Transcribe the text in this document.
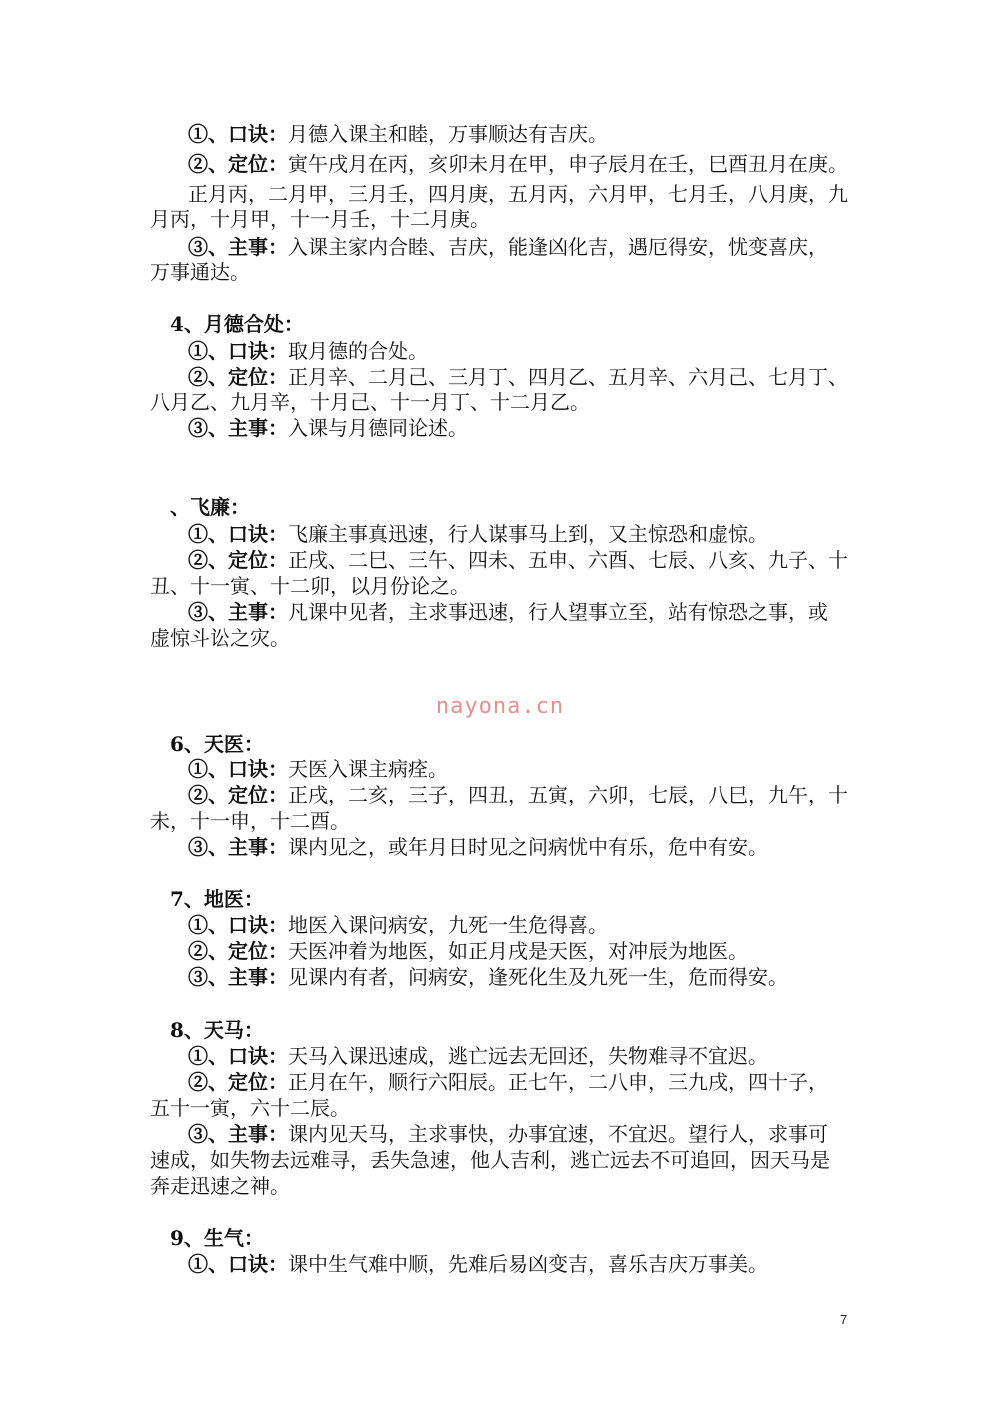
①、口诀：月德入课主和睦，万事顺达有吉庆。
②、定位：寅午戌月在丙，亥卯未月在甲，申子辰月在壬，巳酉丑月在庚。
正月丙，二月甲，三月壬，四月庚，五月丙，六月甲，七月壬，八月庚，九
月丙，十月甲，十一月壬，十二月庚。
③、主事：入课主家内合睦、吉庆，能逢凶化吉，遇厄得安，忧变喜庆，
万事通达。
4、月德合处：
①、口诀：取月德的合处。
②、定位：正月辛、二月己、三月丁、四月乙、五月辛、六月己、七月丁、
八月乙、九月辛，十月己、十一月丁、十二月乙。
③、主事：入课与月德同论述。
、飞廉：
①、口诀：飞廉主事真迅速，行人谋事马上到，又主惊恐和虚惊。
②、定位：正戌、二巳、三午、四未、五申、六酉、七辰、八亥、九子、十
丑、十一寅、十二卯，以月份论之。
③、主事：凡课中见者，主求事迅速，行人望事立至，站有惊恐之事，或
虚惊斗讼之灾。
nayona.cn
6、天医：
①、口诀：天医入课主病痊。
②、定位：正戌，二亥，三子，四丑，五寅，六卯，七辰，八巳，九午，十
未，十一申，十二酉。
③、主事：课内见之，或年月日时见之问病忧中有乐，危中有安。
7、地医：
①、口诀：地医入课问病安，九死一生危得喜。
②、定位：天医冲着为地医，如正月戌是天医，对冲辰为地医。
③、主事：见课内有者，问病安，逢死化生及九死一生，危而得安。
8、天马：
①、口诀：天马入课迅速成，逃亡远去无回还，失物难寻不宜迟。
②、定位：正月在午，顺行六阳辰。正七午，二八申，三九戌，四十子，
五十一寅，六十二辰。
③、主事：课内见天马，主求事快，办事宜速，不宜迟。望行人，求事可
速成，如失物去远难寻，丢失急速，他人吉利，逃亡远去不可追回，因天马是
奔走迅速之神。
9、生气：
①、口诀：课中生气难中顺，先难后易凶变吉，喜乐吉庆万事美。
7
